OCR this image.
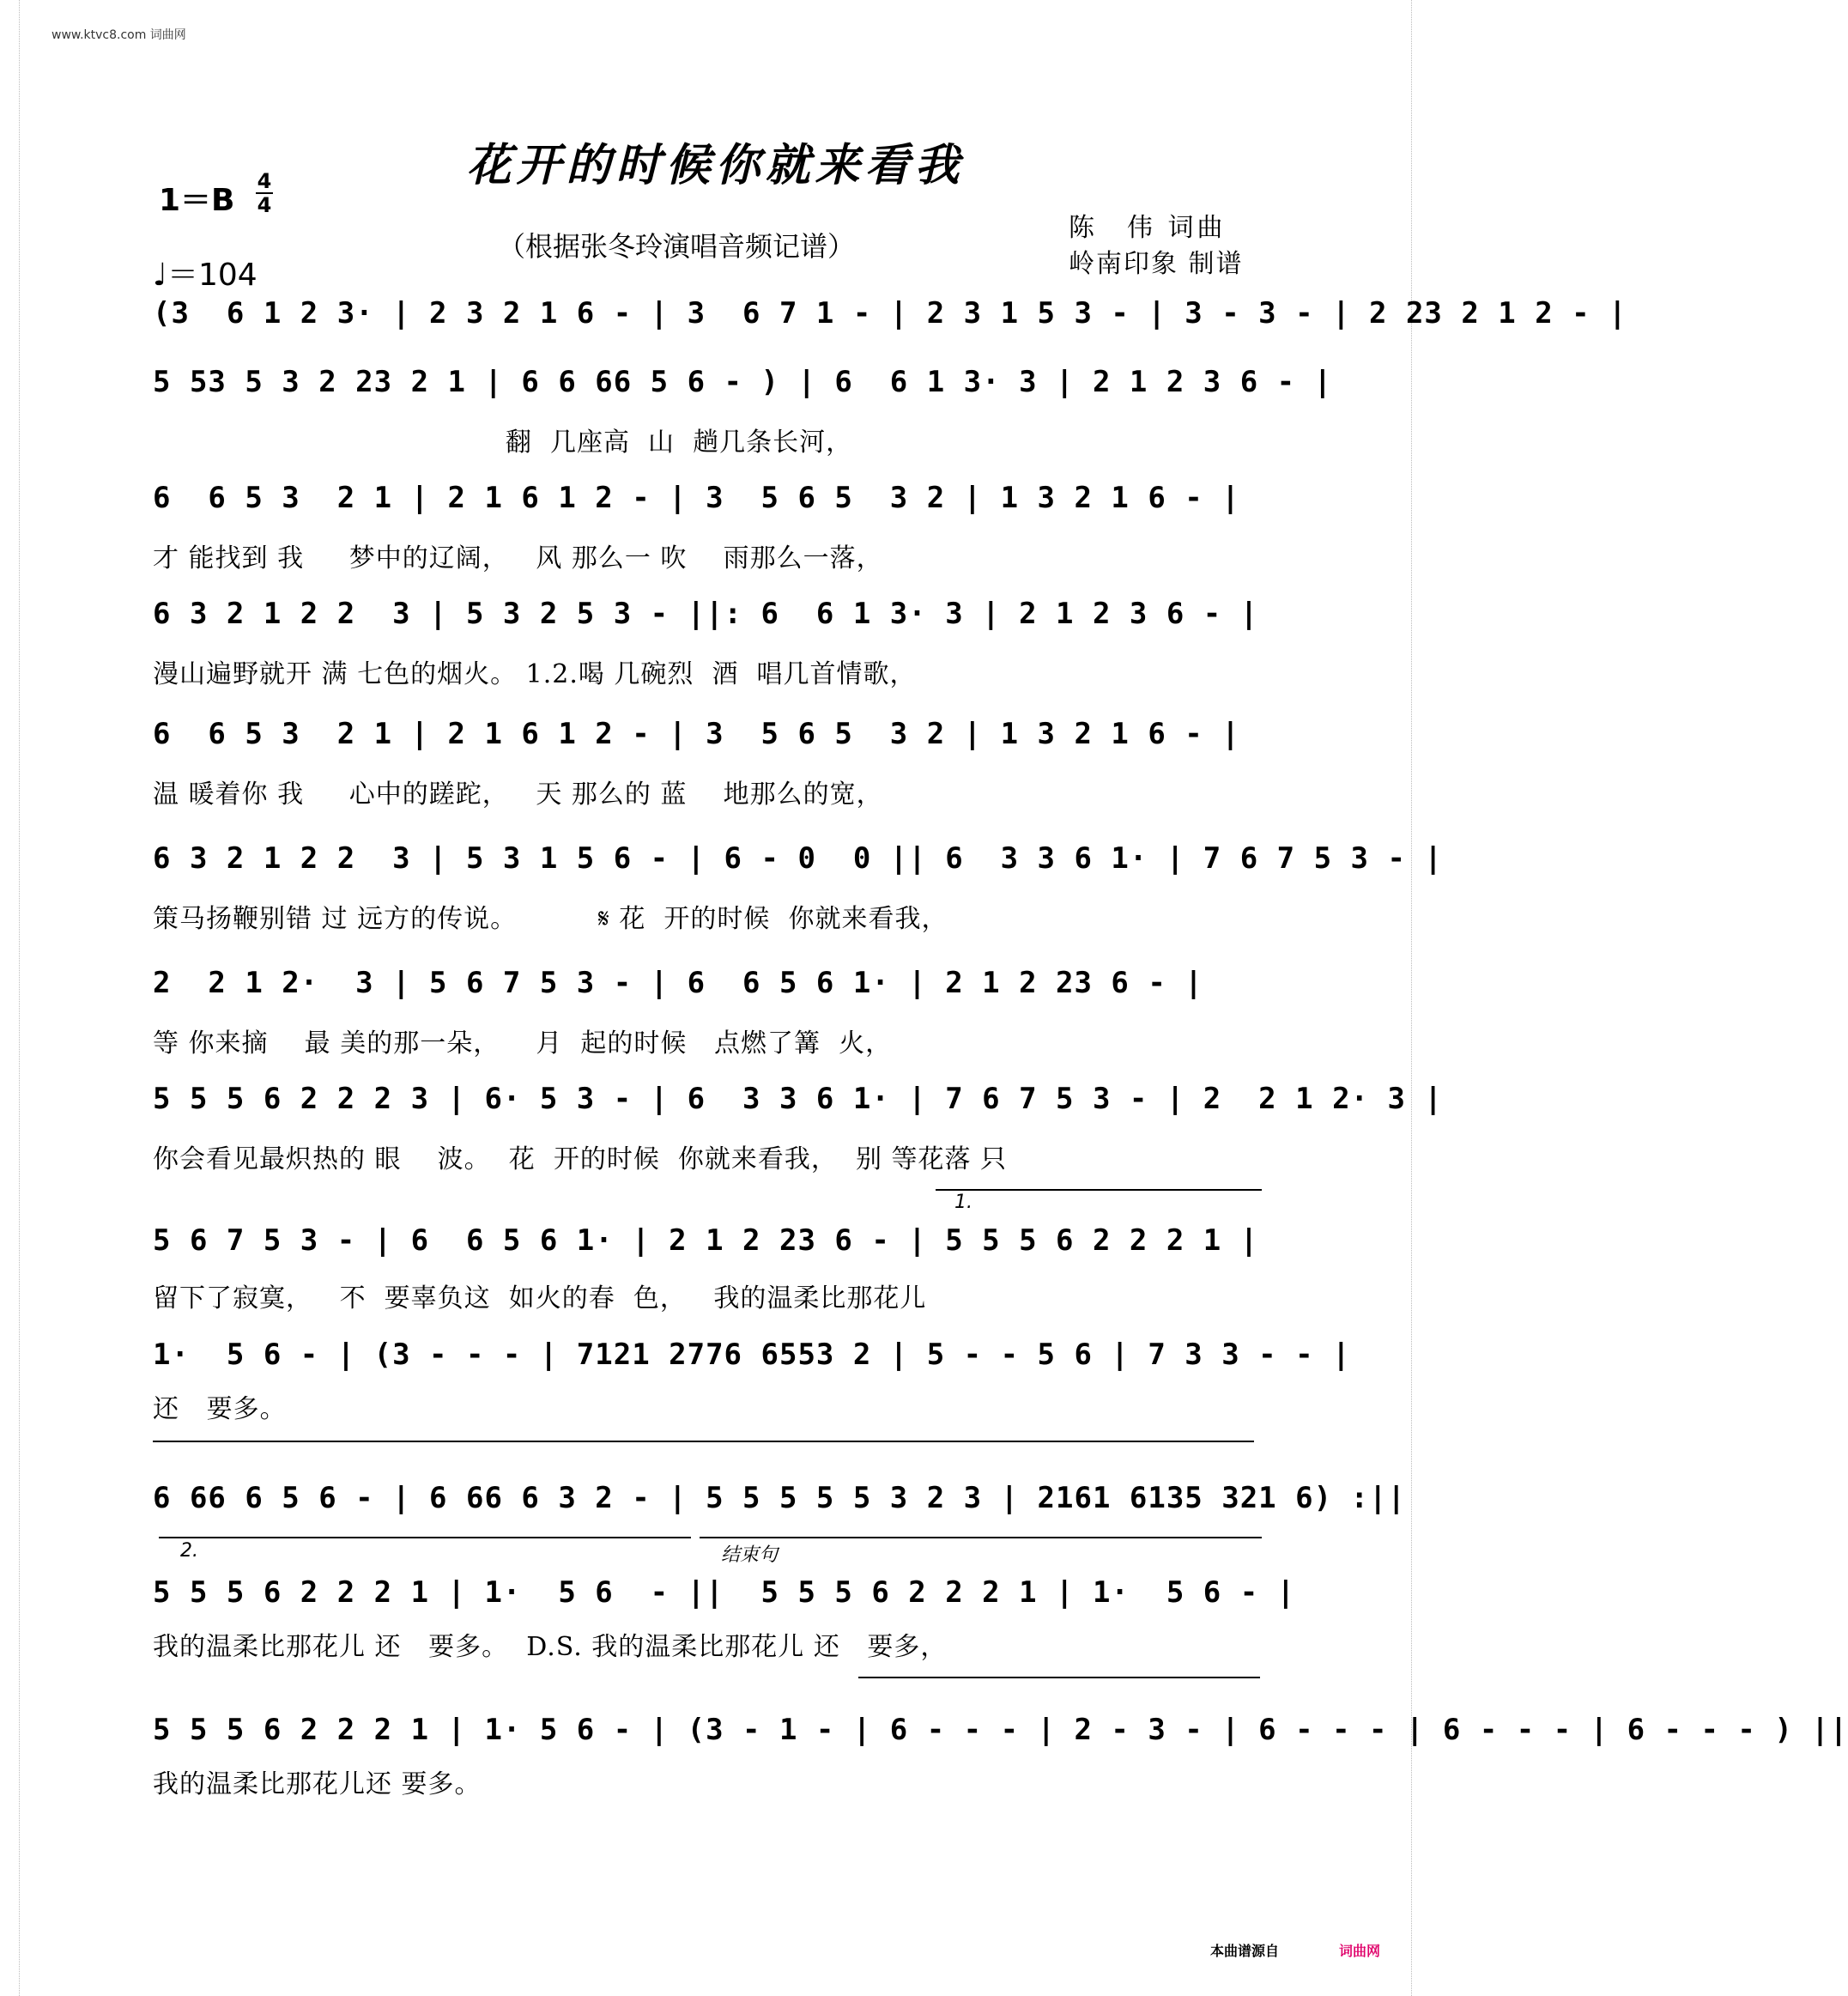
www.ktvc8.com 词曲网
花开的时候你就来看我
1＝B
4
4
（根据张冬玲演唱音频记谱）
♩＝104
陈　伟 词曲
岭南印象 制谱
(3  6 1 2 3· | 2 3 2 1 6 - | 3  6 7 1 - | 2 3 1 5 3 - | 3 - 3 - | 2 23 2 1 2 - |
5 53 5 3 2 23 2 1 | 6 6 66 5 6 - ) | 6  6 1 3· 3 | 2 1 2 3 6 - |
翻  几座高  山  趟几条长河，
6  6 5 3  2 1 | 2 1 6 1 2 - | 3  5 6 5  3 2 | 1 3 2 1 6 - |
才 能找到 我     梦中的辽阔，   风 那么一 吹    雨那么一落，
6 3 2 1 2 2  3 | 5 3 2 5 3 - ||: 6  6 1 3· 3 | 2 1 2 3 6 - |
漫山遍野就开 满 七色的烟火。 1.2.喝 几碗烈  酒  唱几首情歌，
6  6 5 3  2 1 | 2 1 6 1 2 - | 3  5 6 5  3 2 | 1 3 2 1 6 - |
温 暖着你 我     心中的蹉跎，   天 那么的 蓝    地那么的宽，
6 3 2 1 2 2  3 | 5 3 1 5 6 - | 6 - 0  0 || 6  3 3 6 1· | 7 6 7 5 3 - |
策马扬鞭别错 过 远方的传说。         𝄋 花  开的时候  你就来看我，
2  2 1 2·  3 | 5 6 7 5 3 - | 6  6 5 6 1· | 2 1 2 23 6 - |
等 你来摘    最 美的那一朵，    月  起的时候   点燃了篝  火，
5 5 5 6 2 2 2 3 | 6· 5 3 - | 6  3 3 6 1· | 7 6 7 5 3 - | 2  2 1 2· 3 |
你会看见最炽热的 眼    波。  花  开的时候  你就来看我，  别 等花落 只
1.
5 6 7 5 3 - | 6  6 5 6 1· | 2 1 2 23 6 - | 5 5 5 6 2 2 2 1 |
留下了寂寞，   不  要辜负这  如火的春  色，   我的温柔比那花儿
1·  5 6 - | (3 - - - | 7121 2776 6553 2 | 5 - - 5 6 | 7 3 3 - - |
还   要多。
6 66 6 5 6 - | 6 66 6 3 2 - | 5 5 5 5 5 3 2 3 | 2161 6135 321 6) :||
2.	结束句
5 5 5 6 2 2 2 1 | 1·  5 6  - ||  5 5 5 6 2 2 2 1 | 1·  5 6 - |
我的温柔比那花儿 还   要多。  D.S. 我的温柔比那花儿 还   要多，
5 5 5 6 2 2 2 1 | 1· 5 6 - | (3 - 1 - | 6 - - - | 2 - 3 - | 6 - - - | 6 - - - | 6 - - - ) ||
我的温柔比那花儿还 要多。
本曲谱源自	词曲网
